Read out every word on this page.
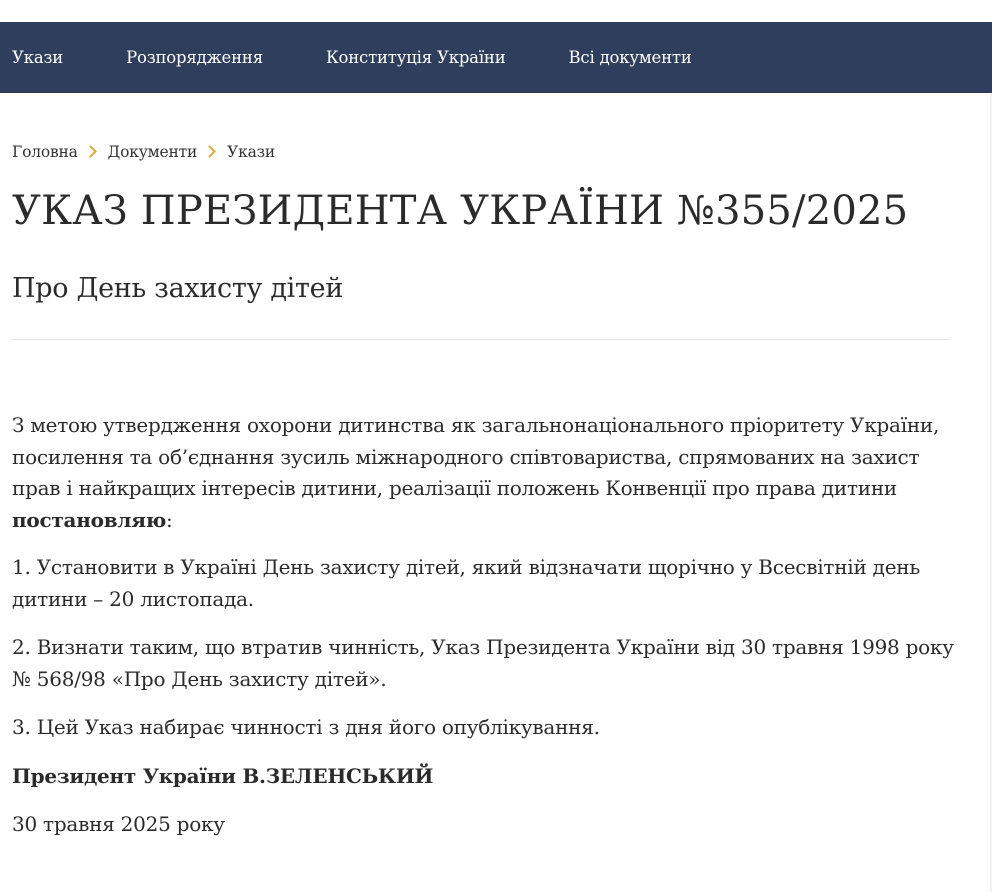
Укази	Розпорядження	Конституція України	Всі документи
Головна Документи Укази
УКАЗ ПРЕЗИДЕНТА УКРАЇНИ №355/2025
Про День захисту дітей

З метою утвердження охорони дитинства як загальнонаціонального пріоритету України, посилення та об’єднання зусиль міжнародного співтовариства, спрямованих на захист прав і найкращих інтересів дитини, реалізації положень Конвенції про права дитини постановляю:

1. Установити в Україні День захисту дітей, який відзначати щорічно у Всесвітній день дитини – 20 листопада.

2. Визнати таким, що втратив чинність, Указ Президента України від 30 травня 1998 року № 568/98 «Про День захисту дітей».

3. Цей Указ набирає чинності з дня його опублікування.

Президент України В.ЗЕЛЕНСЬКИЙ

30 травня 2025 року
